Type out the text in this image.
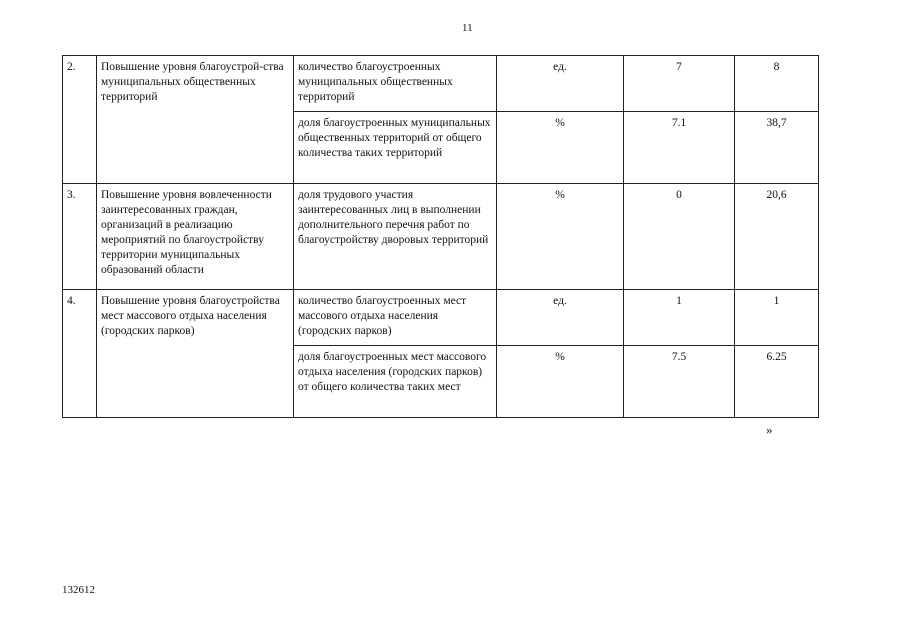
11
2.	Повышение уровня благоустрой-ства муниципальных общественных территорий	количество благоустроенных муниципальных общественных территорий	ед.	7	8
		доля благоустроенных муниципальных общественных территорий от общего количества таких территорий	%	7.1	38,7
3.	Повышение уровня вовлеченности заинтересованных граждан, организаций в реализацию мероприятий по благоустройству территории муниципальных образований области	доля трудового участия заинтересованных лиц в выполнении дополнительного перечня работ по благоустройству дворовых территорий	%	0	20,6
4.	Повышение уровня благоустройства мест массового отдыха населения (городских парков)	количество благоустроенных мест массового отдыха населения (городских парков)	ед.	1	1
		доля благоустроенных мест массового отдыха населения (городских парков) от общего количества таких мест	%	7.5	6.25
»
132612
